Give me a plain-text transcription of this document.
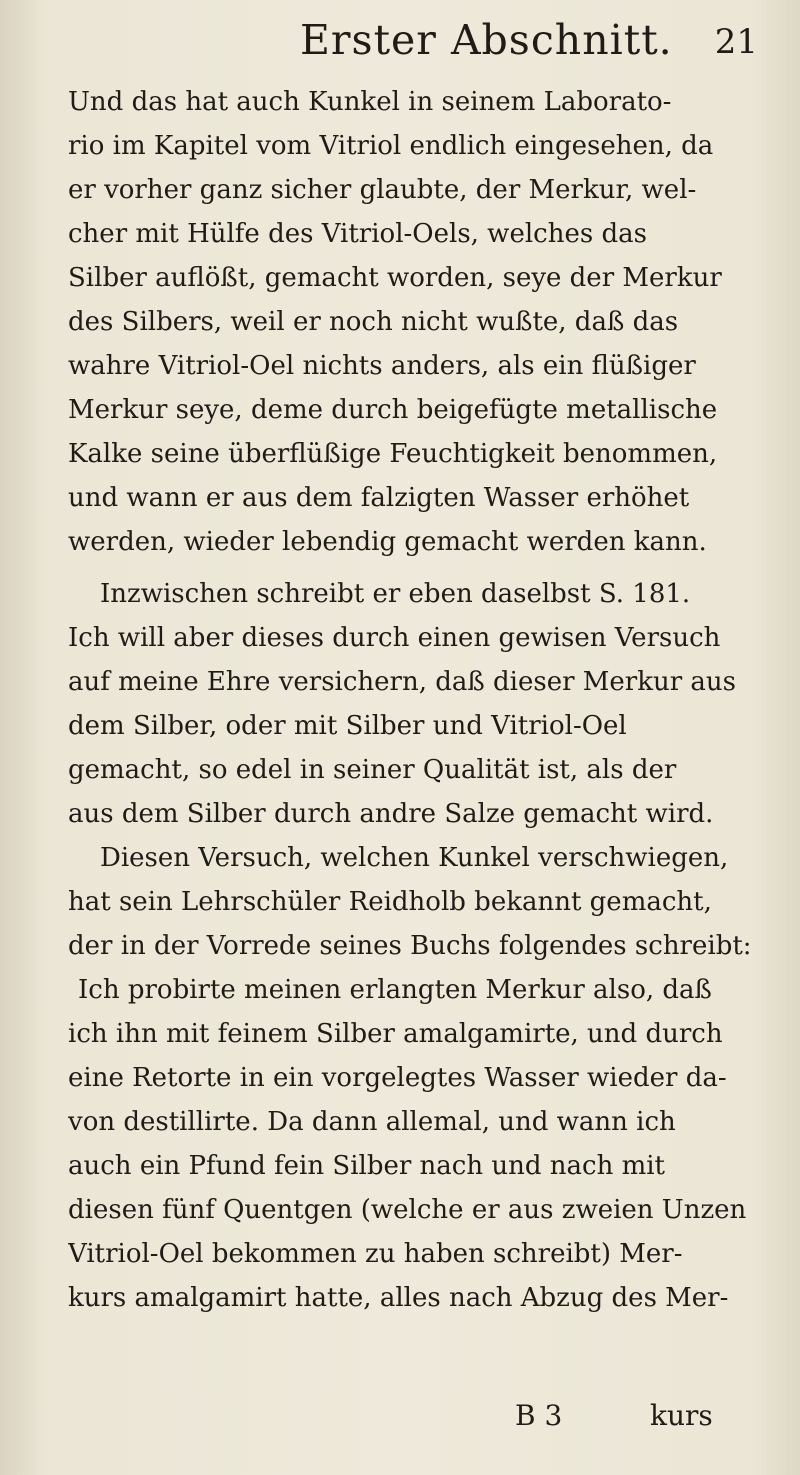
Erster Abschnitt. 21
Und das hat auch Kunkel in seinem Laborato-
rio im Kapitel vom Vitriol endlich eingesehen, da
er vorher ganz sicher glaubte, der Merkur, wel-
cher mit Hülfe des Vitriol-Oels, welches das
Silber auflößt, gemacht worden, seye der Merkur
des Silbers, weil er noch nicht wußte, daß das
wahre Vitriol-Oel nichts anders, als ein flüßiger
Merkur seye, deme durch beigefügte metallische
Kalke seine überflüßige Feuchtigkeit benommen,
und wann er aus dem falzigten Wasser erhöhet
werden, wieder lebendig gemacht werden kann.
Inzwischen schreibt er eben daselbst S. 181.
Ich will aber dieses durch einen gewisen Versuch
auf meine Ehre versichern, daß dieser Merkur aus
dem Silber, oder mit Silber und Vitriol-Oel
gemacht, so edel in seiner Qualität ist, als der
aus dem Silber durch andre Salze gemacht wird.
Diesen Versuch, welchen Kunkel verschwiegen,
hat sein Lehrschüler Reidholb bekannt gemacht,
der in der Vorrede seines Buchs folgendes schreibt:
Ich probirte meinen erlangten Merkur also, daß
ich ihn mit feinem Silber amalgamirte, und durch
eine Retorte in ein vorgelegtes Wasser wieder da-
von destillirte. Da dann allemal, und wann ich
auch ein Pfund fein Silber nach und nach mit
diesen fünf Quentgen (welche er aus zweien Unzen
Vitriol-Oel bekommen zu haben schreibt) Mer-
kurs amalgamirt hatte, alles nach Abzug des Mer-
B 3	kurs
